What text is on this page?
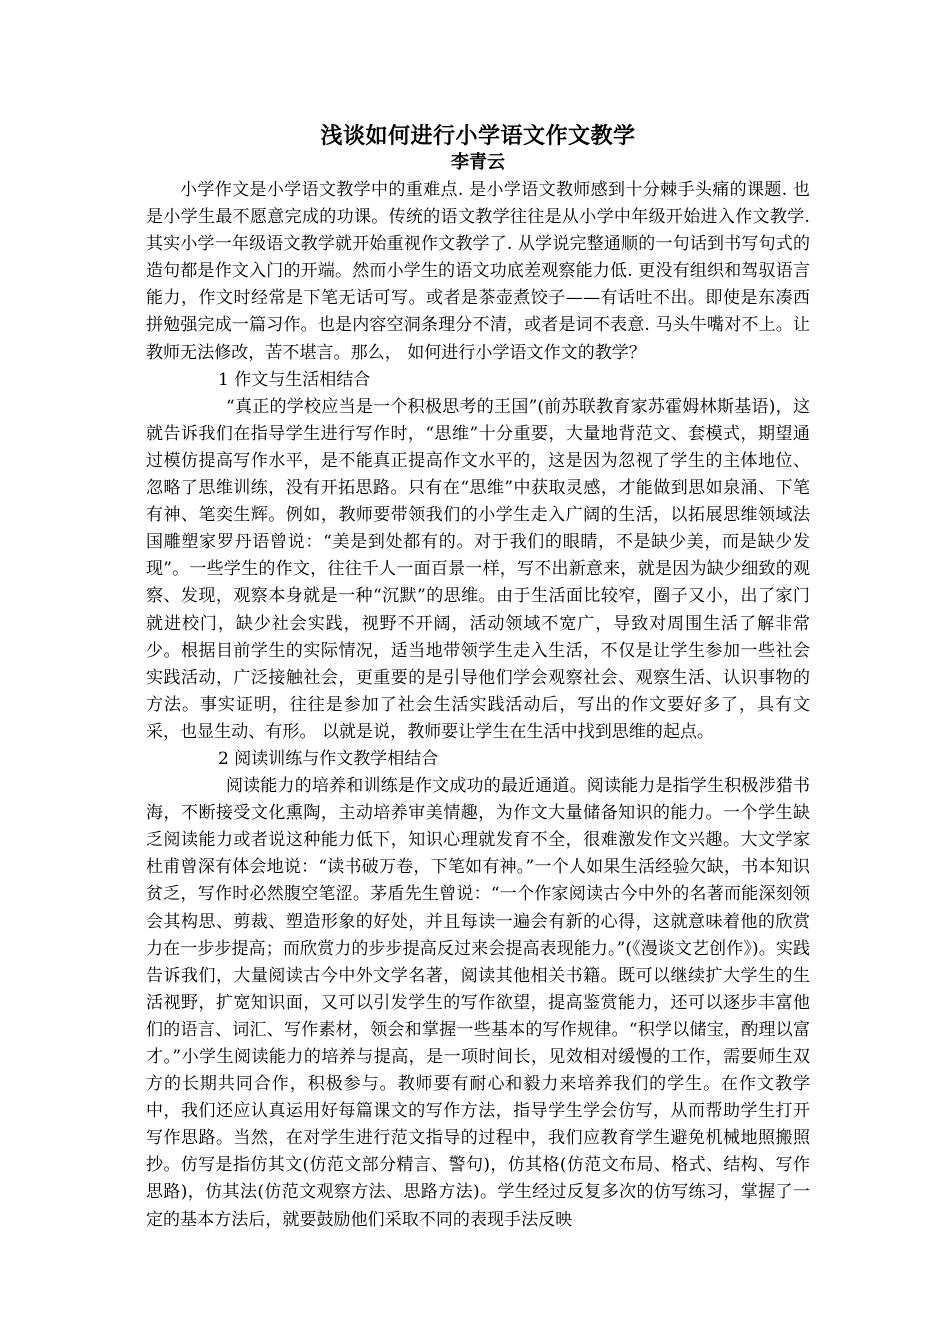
浅谈如何进行小学语文作文教学
李青云

小学作文是小学语文教学中的重难点. 是小学语文教师感到十分棘手头痛的课题. 也是小学生最不愿意完成的功课。传统的语文教学往往是从小学中年级开始进入作文教学. 其实小学一年级语文教学就开始重视作文教学了. 从学说完整通顺的一句话到书写句式的造句都是作文入门的开端。然而小学生的语文功底差观察能力低. 更没有组织和驾驭语言能力，作文时经常是下笔无话可写。或者是茶壶煮饺子——有话吐不出。即使是东凑西拼勉强完成一篇习作。也是内容空洞条理分不清，或者是词不表意. 马头牛嘴对不上。让教师无法修改，苦不堪言。那么， 如何进行小学语文作文的教学？

1 作文与生活相结合

“真正的学校应当是一个积极思考的王国”(前苏联教育家苏霍姆林斯基语)，这就告诉我们在指导学生进行写作时，“思维”十分重要，大量地背范文、套模式，期望通过模仿提高写作水平，是不能真正提高作文水平的，这是因为忽视了学生的主体地位、忽略了思维训练，没有开拓思路。只有在“思维”中获取灵感，才能做到思如泉涌、下笔有神、笔奕生辉。例如，教师要带领我们的小学生走入广阔的生活，以拓展思维领域法国雕塑家罗丹语曾说：“美是到处都有的。对于我们的眼睛，不是缺少美，而是缺少发现”。一些学生的作文，往往千人一面百景一样，写不出新意来，就是因为缺少细致的观察、发现，观察本身就是一种“沉默”的思维。由于生活面比较窄，圈子又小，出了家门就进校门，缺少社会实践，视野不开阔，活动领域不宽广，导致对周围生活了解非常少。根据目前学生的实际情况，适当地带领学生走入生活，不仅是让学生参加一些社会实践活动，广泛接触社会，更重要的是引导他们学会观察社会、观察生活、认识事物的方法。事实证明，往往是参加了社会生活实践活动后，写出的作文要好多了，具有文采，也显生动、有形。 以就是说，教师要让学生在生活中找到思维的起点。

2 阅读训练与作文教学相结合

阅读能力的培养和训练是作文成功的最近通道。阅读能力是指学生积极涉猎书海，不断接受文化熏陶，主动培养审美情趣，为作文大量储备知识的能力。一个学生缺乏阅读能力或者说这种能力低下，知识心理就发育不全，很难激发作文兴趣。大文学家杜甫曾深有体会地说：“读书破万卷，下笔如有神。”一个人如果生活经验欠缺，书本知识贫乏，写作时必然腹空笔涩。茅盾先生曾说：“一个作家阅读古今中外的名著而能深刻领会其构思、剪裁、塑造形象的好处，并且每读一遍会有新的心得，这就意味着他的欣赏力在一步步提高；而欣赏力的步步提高反过来会提高表现能力。”(《漫谈文艺创作》)。实践告诉我们，大量阅读古今中外文学名著，阅读其他相关书籍。既可以继续扩大学生的生活视野，扩宽知识面，又可以引发学生的写作欲望，提高鉴赏能力，还可以逐步丰富他们的语言、词汇、写作素材，领会和掌握一些基本的写作规律。“积学以储宝，酌理以富才。”小学生阅读能力的培养与提高，是一项时间长，见效相对缓慢的工作，需要师生双方的长期共同合作，积极参与。教师要有耐心和毅力来培养我们的学生。在作文教学中，我们还应认真运用好每篇课文的写作方法，指导学生学会仿写，从而帮助学生打开写作思路。当然，在对学生进行范文指导的过程中，我们应教育学生避免机械地照搬照抄。仿写是指仿其文(仿范文部分精言、警句)，仿其格(仿范文布局、格式、结构、写作思路)，仿其法(仿范文观察方法、思路方法)。学生经过反复多次的仿写练习，掌握了一定的基本方法后，就要鼓励他们采取不同的表现手法反映
